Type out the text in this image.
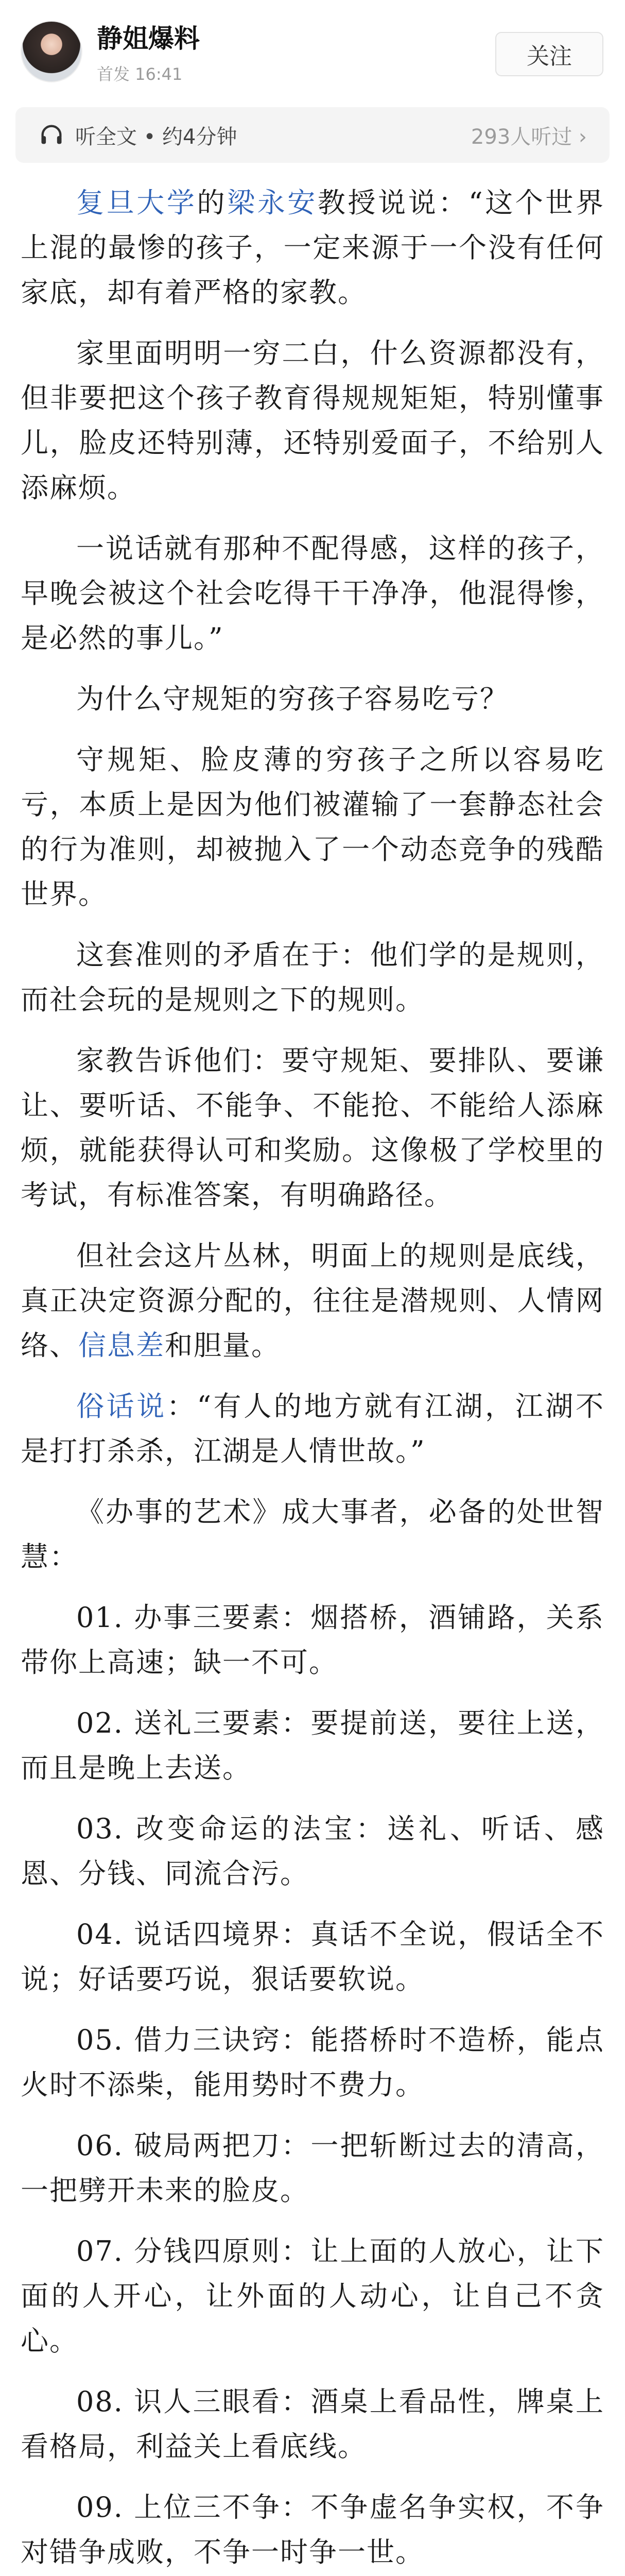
静姐爆料
首发 16:41
关注
听全文 • 约4分钟	293人听过 ›

复旦大学的梁永安教授说说：“这个世界上混的最惨的孩子，一定来源于一个没有任何家底，却有着严格的家教。

家里面明明一穷二白，什么资源都没有，但非要把这个孩子教育得规规矩矩，特别懂事儿，脸皮还特别薄，还特别爱面子，不给别人添麻烦。

一说话就有那种不配得感，这样的孩子，早晚会被这个社会吃得干干净净，他混得惨，是必然的事儿。”

为什么守规矩的穷孩子容易吃亏？

守规矩、脸皮薄的穷孩子之所以容易吃亏，本质上是因为他们被灌输了一套静态社会的行为准则，却被抛入了一个动态竞争的残酷世界。

这套准则的矛盾在于：他们学的是规则，而社会玩的是规则之下的规则。

家教告诉他们：要守规矩、要排队、要谦让、要听话、不能争、不能抢、不能给人添麻烦，就能获得认可和奖励。这像极了学校里的考试，有标准答案，有明确路径。

但社会这片丛林，明面上的规则是底线，真正决定资源分配的，往往是潜规则、人情网络、信息差和胆量。

俗话说：“有人的地方就有江湖，江湖不是打打杀杀，江湖是人情世故。”

《办事的艺术》成大事者，必备的处世智慧：

01. 办事三要素：烟搭桥，酒铺路，关系带你上高速；缺一不可。

02. 送礼三要素：要提前送，要往上送，而且是晚上去送。

03. 改变命运的法宝：送礼、听话、感恩、分钱、同流合污。

04. 说话四境界：真话不全说，假话全不说；好话要巧说，狠话要软说。

05. 借力三诀窍：能搭桥时不造桥，能点火时不添柴，能用势时不费力。

06. 破局两把刀：一把斩断过去的清高，一把劈开未来的脸皮。

07. 分钱四原则：让上面的人放心，让下面的人开心，让外面的人动心，让自己不贪心。

08. 识人三眼看：酒桌上看品性，牌桌上看格局，利益关上看底线。

09. 上位三不争：不争虚名争实权，不争对错争成败，不争一时争一世。
